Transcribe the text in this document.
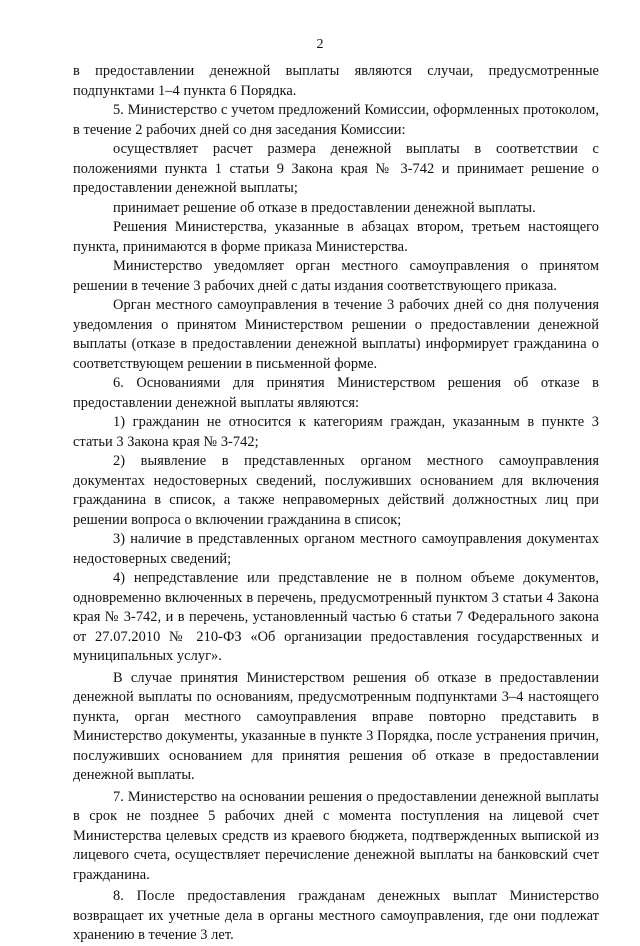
2

в предоставлении денежной выплаты являются случаи, предусмотренные подпунктами 1–4 пункта 6 Порядка.

5. Министерство с учетом предложений Комиссии, оформленных протоколом, в течение 2 рабочих дней со дня заседания Комиссии:

осуществляет расчет размера денежной выплаты в соответствии с положениями пункта 1 статьи 9 Закона края № 3-742 и принимает решение о предоставлении денежной выплаты;

принимает решение об отказе в предоставлении денежной выплаты.

Решения Министерства, указанные в абзацах втором, третьем настоящего пункта, принимаются в форме приказа Министерства.

Министерство уведомляет орган местного самоуправления о принятом решении в течение 3 рабочих дней с даты издания соответствующего приказа.

Орган местного самоуправления в течение 3 рабочих дней со дня получения уведомления о принятом Министерством решении о предоставлении денежной выплаты (отказе в предоставлении денежной выплаты) информирует гражданина о соответствующем решении в письменной форме.

6. Основаниями для принятия Министерством решения об отказе в предоставлении денежной выплаты являются:

1) гражданин не относится к категориям граждан, указанным в пункте 3 статьи 3 Закона края № 3-742;

2) выявление в представленных органом местного самоуправления документах недостоверных сведений, послуживших основанием для включения гражданина в список, а также неправомерных действий должностных лиц при решении вопроса о включении гражданина в список;

3) наличие в представленных органом местного самоуправления документах недостоверных сведений;

4) непредставление или представление не в полном объеме документов, одновременно включенных в перечень, предусмотренный пунктом 3 статьи 4 Закона края № 3-742, и в перечень, установленный частью 6 статьи 7 Федерального закона от 27.07.2010 № 210-ФЗ «Об организации предоставления государственных и муниципальных услуг».

В случае принятия Министерством решения об отказе в предоставлении денежной выплаты по основаниям, предусмотренным подпунктами 3–4 настоящего пункта, орган местного самоуправления вправе повторно представить в Министерство документы, указанные в пункте 3 Порядка, после устранения причин, послуживших основанием для принятия решения об отказе в предоставлении денежной выплаты.

7. Министерство на основании решения о предоставлении денежной выплаты в срок не позднее 5 рабочих дней с момента поступления на лицевой счет Министерства целевых средств из краевого бюджета, подтвержденных выпиской из лицевого счета, осуществляет перечисление денежной выплаты на банковский счет гражданина.

8. После предоставления гражданам денежных выплат Министерство возвращает их учетные дела в органы местного самоуправления, где они подлежат хранению в течение 3 лет.
